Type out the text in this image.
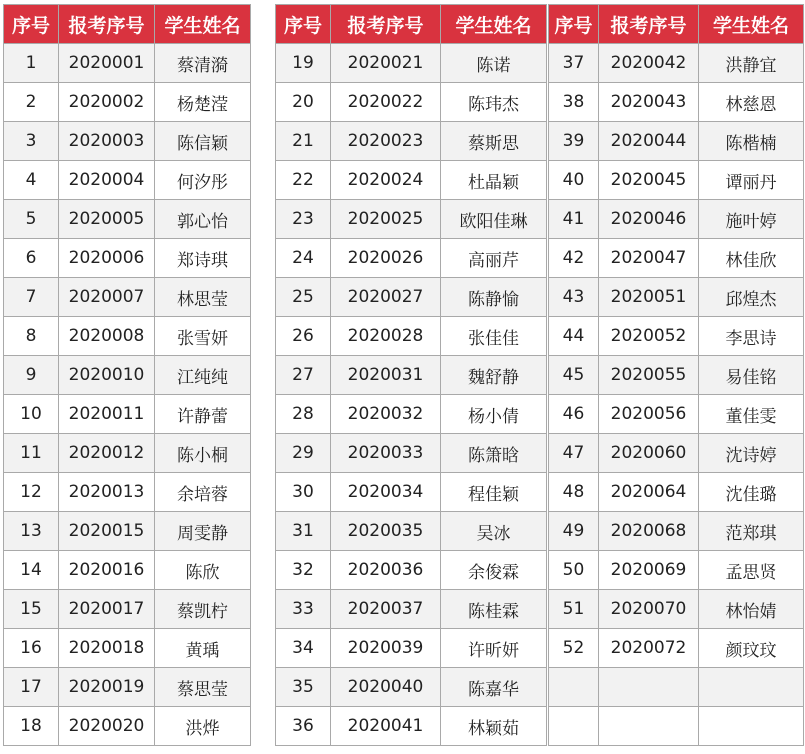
序号	报考序号	学生姓名		序号	报考序号	学生姓名		序号	报考序号	学生姓名
1	2020001	蔡清漪		19	2020021	陈诺		37	2020042	洪静宜
2	2020002	杨楚滢		20	2020022	陈玮杰		38	2020043	林慈恩
3	2020003	陈信颖		21	2020023	蔡斯思		39	2020044	陈楷楠
4	2020004	何汐彤		22	2020024	杜晶颖		40	2020045	谭丽丹
5	2020005	郭心怡		23	2020025	欧阳佳琳		41	2020046	施叶婷
6	2020006	郑诗琪		24	2020026	高丽芹		42	2020047	林佳欣
7	2020007	林思莹		25	2020027	陈静愉		43	2020051	邱煌杰
8	2020008	张雪妍		26	2020028	张佳佳		44	2020052	李思诗
9	2020010	江纯纯		27	2020031	魏舒静		45	2020055	易佳铭
10	2020011	许静蕾		28	2020032	杨小倩		46	2020056	董佳雯
11	2020012	陈小桐		29	2020033	陈箫晗		47	2020060	沈诗婷
12	2020013	余培蓉		30	2020034	程佳颖		48	2020064	沈佳璐
13	2020015	周雯静		31	2020035	吴冰		49	2020068	范郑琪
14	2020016	陈欣		32	2020036	余俊霖		50	2020069	孟思贤
15	2020017	蔡凯柠		33	2020037	陈桂霖		51	2020070	林怡婧
16	2020018	黄瑀		34	2020039	许昕妍		52	2020072	颜玟玟
17	2020019	蔡思莹		35	2020040	陈嘉华				
18	2020020	洪烨		36	2020041	林颖茹				
